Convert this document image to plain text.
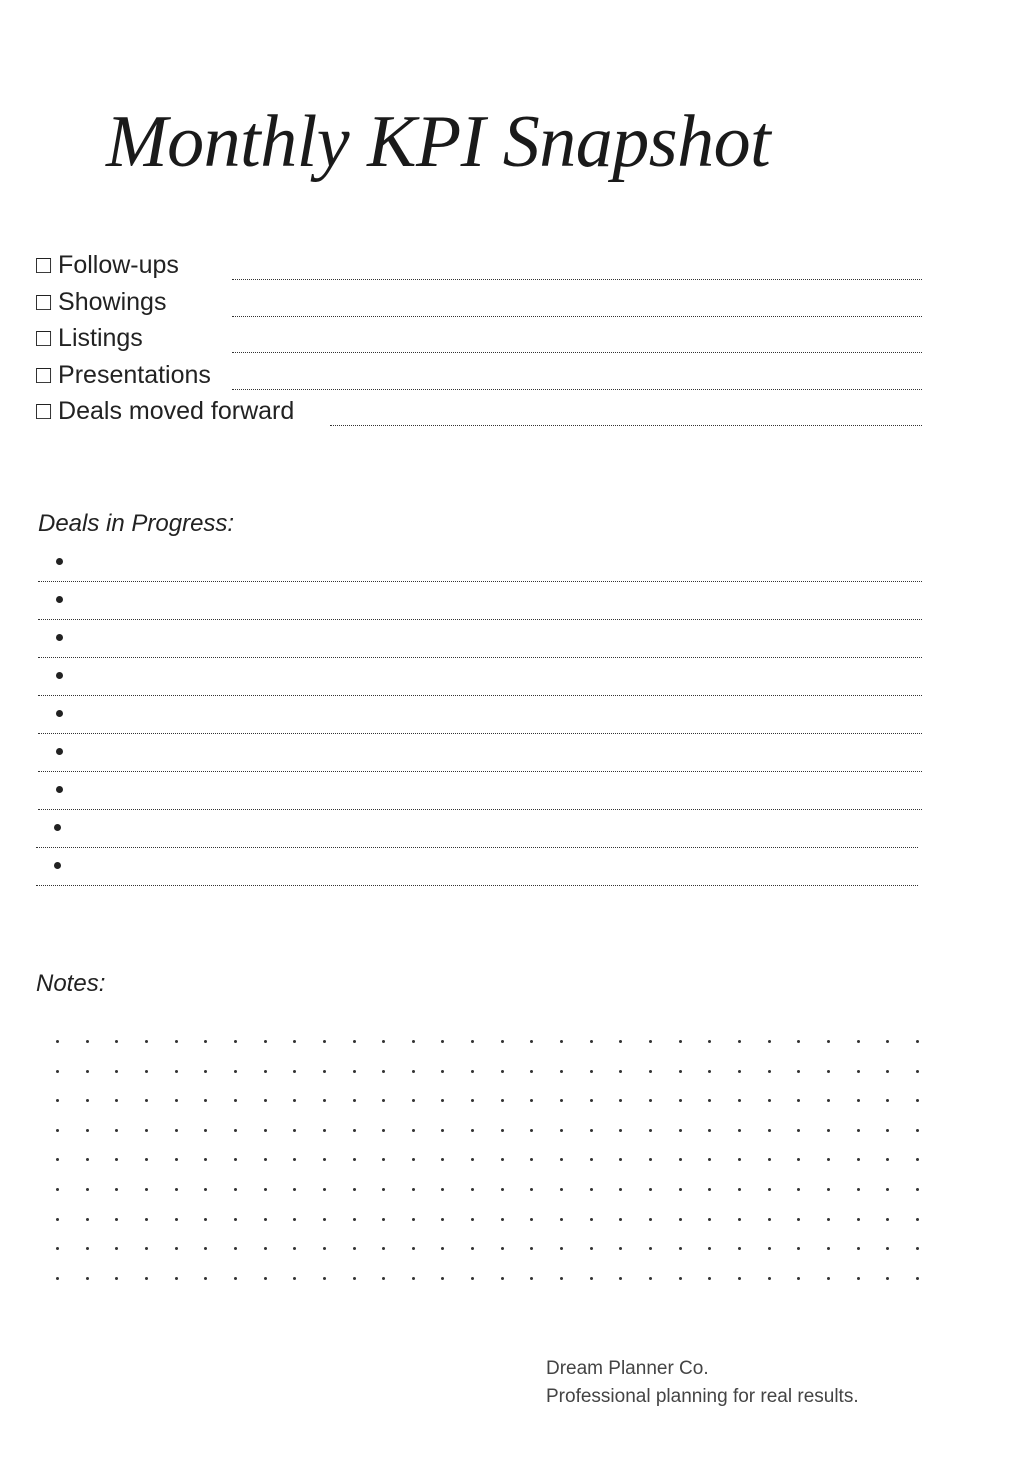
Monthly KPI Snapshot
□ Follow-ups
□ Showings
□ Listings
□ Presentations
□ Deals moved forward
Deals in Progress:
Notes:
Dream Planner Co.
Professional planning for real results.
